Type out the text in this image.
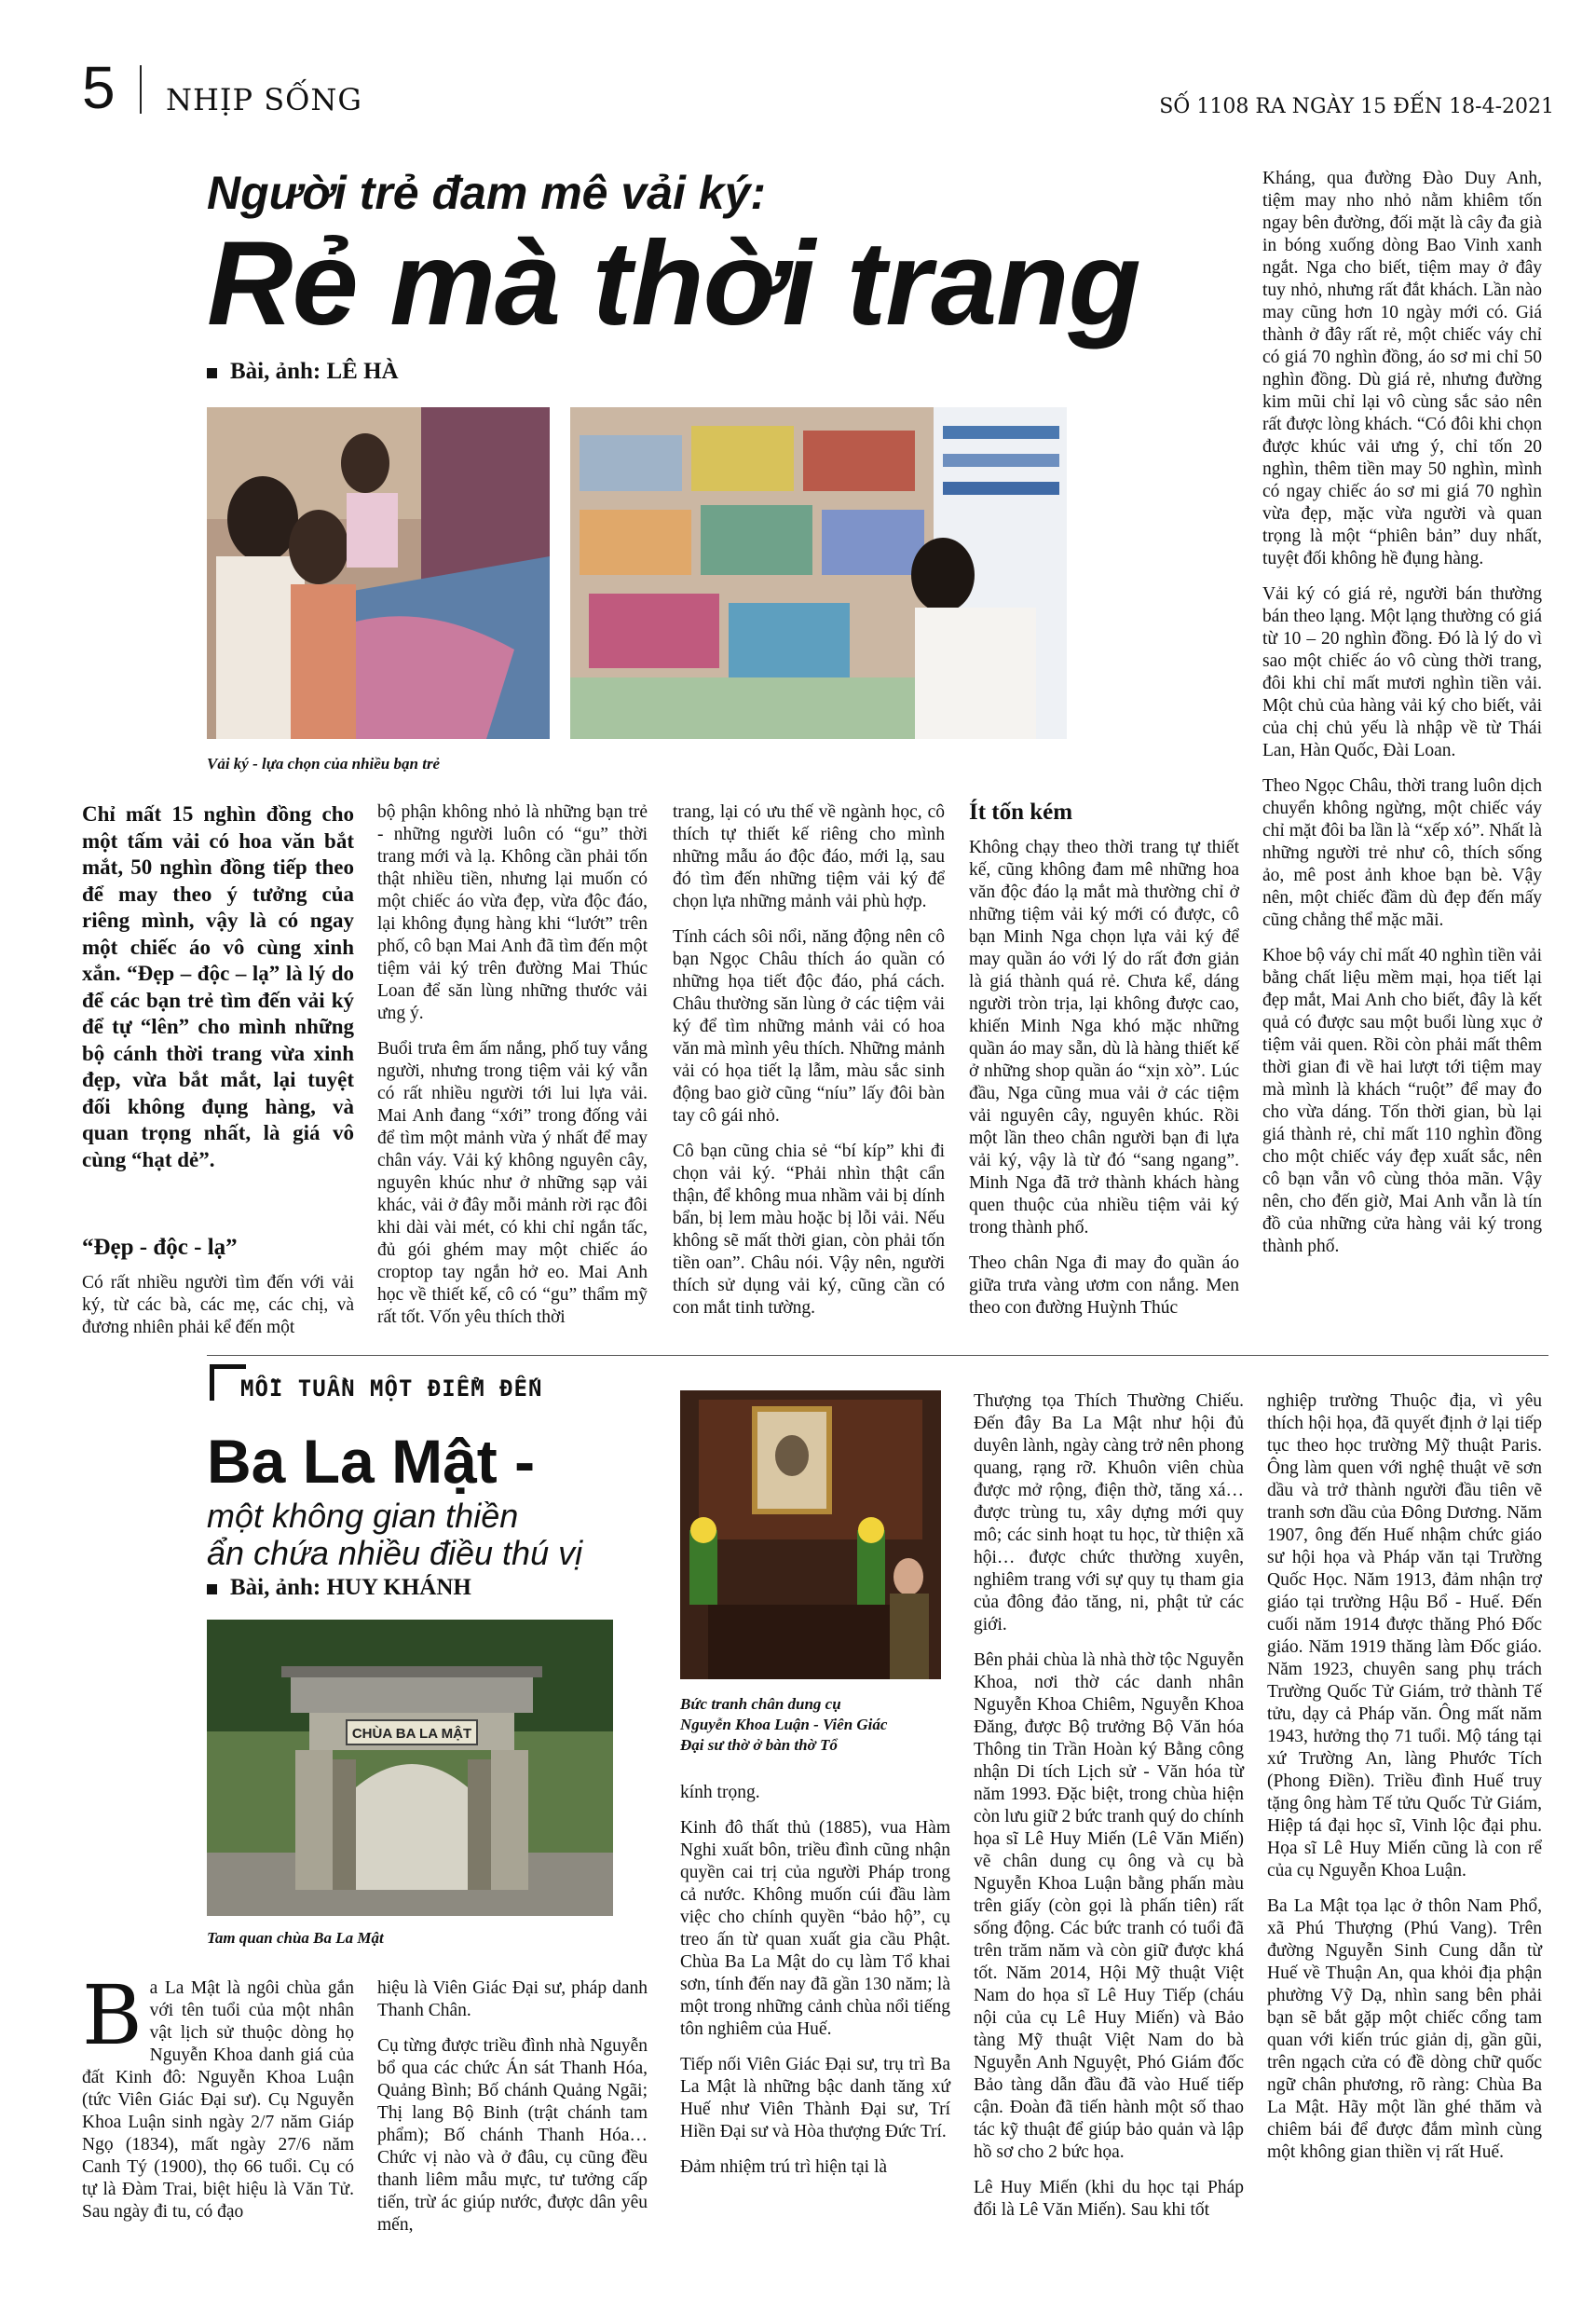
5 NHỊP SỐNG	SỐ 1108 RA NGÀY 15 ĐẾN 18-4-2021
Người trẻ đam mê vải ký:
Rẻ mà thời trang
Bài, ảnh: LÊ HÀ
Vải ký - lựa chọn của nhiều bạn trẻ
Chỉ mất 15 nghìn đồng cho một tấm vải có hoa văn bắt mắt, 50 nghìn đồng tiếp theo để may theo ý tưởng của riêng mình, vậy là có ngay một chiếc áo vô cùng xinh xắn. “Đẹp – độc – lạ” là lý do để các bạn trẻ tìm đến vải ký để tự “lên” cho mình những bộ cánh thời trang vừa xinh đẹp, vừa bắt mắt, lại tuyệt đối không đụng hàng, và quan trọng nhất, là giá vô cùng “hạt dẻ”.
“Đẹp - độc - lạ”
Có rất nhiều người tìm đến với vải ký, từ các bà, các mẹ, các chị, và đương nhiên phải kể đến một

bộ phận không nhỏ là những bạn trẻ - những người luôn có “gu” thời trang mới và lạ. Không cần phải tốn thật nhiều tiền, nhưng lại muốn có một chiếc áo vừa đẹp, vừa độc đáo, lại không đụng hàng khi “lướt” trên phố, cô bạn Mai Anh đã tìm đến một tiệm vải ký trên đường Mai Thúc Loan để săn lùng những thước vải ưng ý.

Buổi trưa êm ấm nắng, phố tuy vắng người, nhưng trong tiệm vải ký vẫn có rất nhiều người tới lui lựa vải. Mai Anh đang “xới” trong đống vải để tìm một mảnh vừa ý nhất để may chân váy. Vải ký không nguyên cây, nguyên khúc như ở những sạp vải khác, vải ở đây mỗi mảnh rời rạc đôi khi dài vài mét, có khi chỉ ngắn tấc, đủ gói ghém may một chiếc áo croptop tay ngắn hở eo. Mai Anh học về thiết kế, cô có “gu” thẩm mỹ rất tốt. Vốn yêu thích thời

trang, lại có ưu thế về ngành học, cô thích tự thiết kế riêng cho mình những mẫu áo độc đáo, mới lạ, sau đó tìm đến những tiệm vải ký để chọn lựa những mảnh vải phù hợp.

Tính cách sôi nổi, năng động nên cô bạn Ngọc Châu thích áo quần có những họa tiết độc đáo, phá cách. Châu thường săn lùng ở các tiệm vải ký để tìm những mảnh vải có hoa văn mà mình yêu thích. Những mảnh vải có họa tiết lạ lẫm, màu sắc sinh động bao giờ cũng “níu” lấy đôi bàn tay cô gái nhỏ.

Cô bạn cũng chia sẻ “bí kíp” khi đi chọn vải ký. “Phải nhìn thật cẩn thận, để không mua nhầm vải bị dính bẩn, bị lem màu hoặc bị lỗi vải. Nếu không sẽ mất thời gian, còn phải tốn tiền oan”. Châu nói. Vậy nên, người thích sử dụng vải ký, cũng cần có con mắt tinh tường.

Ít tốn kém

Không chạy theo thời trang tự thiết kế, cũng không đam mê những hoa văn độc đáo lạ mắt mà thường chỉ ở những tiệm vải ký mới có được, cô bạn Minh Nga chọn lựa vải ký để may quần áo với lý do rất đơn giản là giá thành quá rẻ. Chưa kể, dáng người tròn trịa, lại không được cao, khiến Minh Nga khó mặc những quần áo may sẵn, dù là hàng thiết kế ở những shop quần áo “xịn xò”. Lúc đầu, Nga cũng mua vải ở các tiệm vải nguyên cây, nguyên khúc. Rồi một lần theo chân người bạn đi lựa vải ký, vậy là từ đó “sang ngang”. Minh Nga đã trở thành khách hàng quen thuộc của nhiều tiệm vải ký trong thành phố.

Theo chân Nga đi may đo quần áo giữa trưa vàng ươm con nắng. Men theo con đường Huỳnh Thúc

Kháng, qua đường Đào Duy Anh, tiệm may nho nhỏ nằm khiêm tốn ngay bên đường, đối mặt là cây đa già in bóng xuống dòng Bao Vinh xanh ngắt. Nga cho biết, tiệm may ở đây tuy nhỏ, nhưng rất đắt khách. Lần nào may cũng hơn 10 ngày mới có. Giá thành ở đây rất rẻ, một chiếc váy chỉ có giá 70 nghìn đồng, áo sơ mi chỉ 50 nghìn đồng. Dù giá rẻ, nhưng đường kim mũi chỉ lại vô cùng sắc sảo nên rất được lòng khách. “Có đôi khi chọn được khúc vải ưng ý, chỉ tốn 20 nghìn, thêm tiền may 50 nghìn, mình có ngay chiếc áo sơ mi giá 70 nghìn vừa đẹp, mặc vừa người và quan trọng là một “phiên bản” duy nhất, tuyệt đối không hề đụng hàng.

Vải ký có giá rẻ, người bán thường bán theo lạng. Một lạng thường có giá từ 10 – 20 nghìn đồng. Đó là lý do vì sao một chiếc áo vô cùng thời trang, đôi khi chỉ mất mươi nghìn tiền vải. Một chủ của hàng vải ký cho biết, vải của chị chủ yếu là nhập về từ Thái Lan, Hàn Quốc, Đài Loan.

Theo Ngọc Châu, thời trang luôn dịch chuyển không ngừng, một chiếc váy chỉ mặt đôi ba lần là “xếp xó”. Nhất là những người trẻ như cô, thích sống ảo, mê post ảnh khoe bạn bè. Vậy nên, một chiếc đầm dù đẹp đến mấy cũng chẳng thể mặc mãi.

Khoe bộ váy chỉ mất 40 nghìn tiền vải bằng chất liệu mềm mại, họa tiết lại đẹp mắt, Mai Anh cho biết, đây là kết quả có được sau một buổi lùng xục ở tiệm vải quen. Rồi còn phải mất thêm thời gian đi về hai lượt tới tiệm may mà mình là khách “ruột” để may đo cho vừa dáng. Tốn thời gian, bù lại giá thành rẻ, chỉ mất 110 nghìn đồng cho một chiếc váy đẹp xuất sắc, nên cô bạn vẫn vô cùng thỏa mãn. Vậy nên, cho đến giờ, Mai Anh vẫn là tín đồ của những cửa hàng vải ký trong thành phố.

MỖI TUẦN MỘT ĐIỂM ĐẾN
Ba La Mật -
một không gian thiền
ẩn chứa nhiều điều thú vị
Bài, ảnh: HUY KHÁNH
CHÙA BA LA MẬT
Tam quan chùa Ba La Mật
Bức tranh chân dung cụ
Nguyễn Khoa Luận - Viên Giác
Đại sư thờ ở bàn thờ Tổ
Ba La Mật là ngôi chùa gắn với tên tuổi của một nhân vật lịch sử thuộc dòng họ Nguyễn Khoa danh giá của đất Kinh đô: Nguyễn Khoa Luận (tức Viên Giác Đại sư). Cụ Nguyễn Khoa Luận sinh ngày 2/7 năm Giáp Ngọ (1834), mất ngày 27/6 năm Canh Tý (1900), thọ 66 tuổi. Cụ có tự là Đàm Trai, biệt hiệu là Văn Tử. Sau ngày đi tu, có đạo

hiệu là Viên Giác Đại sư, pháp danh Thanh Chân.

Cụ từng được triều đình nhà Nguyễn bổ qua các chức Án sát Thanh Hóa, Quảng Bình; Bố chánh Quảng Ngãi; Thị lang Bộ Binh (trật chánh tam phẩm); Bố chánh Thanh Hóa… Chức vị nào và ở đâu, cụ cũng đều thanh liêm mẫu mực, tư tưởng cấp tiến, trừ ác giúp nước, được dân yêu mến,

kính trọng.

Kinh đô thất thủ (1885), vua Hàm Nghi xuất bôn, triều đình cũng nhận quyền cai trị của người Pháp trong cả nước. Không muốn cúi đầu làm việc cho chính quyền “bảo hộ”, cụ treo ấn từ quan xuất gia cầu Phật. Chùa Ba La Mật do cụ làm Tổ khai sơn, tính đến nay đã gần 130 năm; là một trong những cảnh chùa nổi tiếng tôn nghiêm của Huế.

Tiếp nối Viên Giác Đại sư, trụ trì Ba La Mật là những bậc danh tăng xứ Huế như Viên Thành Đại sư, Trí Hiền Đại sư và Hòa thượng Đức Trí.

Đảm nhiệm trú trì hiện tại là

Thượng tọa Thích Thường Chiếu. Đến đây Ba La Mật như hội đủ duyên lành, ngày càng trở nên phong quang, rạng rỡ. Khuôn viên chùa được mở rộng, điện thờ, tăng xá… được trùng tu, xây dựng mới quy mô; các sinh hoạt tu học, từ thiện xã hội… được chức thường xuyên, nghiêm trang với sự quy tụ tham gia của đông đảo tăng, ni, phật tử các giới.

Bên phải chùa là nhà thờ tộc Nguyễn Khoa, nơi thờ các danh nhân Nguyễn Khoa Chiêm, Nguyễn Khoa Đăng, được Bộ trưởng Bộ Văn hóa Thông tin Trần Hoàn ký Bằng công nhận Di tích Lịch sử - Văn hóa từ năm 1993. Đặc biệt, trong chùa hiện còn lưu giữ 2 bức tranh quý do chính họa sĩ Lê Huy Miến (Lê Văn Miến) vẽ chân dung cụ ông và cụ bà Nguyễn Khoa Luận bằng phấn màu trên giấy (còn gọi là phấn tiên) rất sống động. Các bức tranh có tuổi đã trên trăm năm và còn giữ được khá tốt. Năm 2014, Hội Mỹ thuật Việt Nam do họa sĩ Lê Huy Tiếp (cháu nội của cụ Lê Huy Miến) và Bảo tàng Mỹ thuật Việt Nam do bà Nguyễn Anh Nguyệt, Phó Giám đốc Bảo tàng dẫn đầu đã vào Huế tiếp cận. Đoàn đã tiến hành một số thao tác kỹ thuật để giúp bảo quản và lập hồ sơ cho 2 bức họa.

Lê Huy Miến (khi du học tại Pháp đổi là Lê Văn Miến). Sau khi tốt

nghiệp trường Thuộc địa, vì yêu thích hội họa, đã quyết định ở lại tiếp tục theo học trường Mỹ thuật Paris. Ông làm quen với nghệ thuật vẽ sơn dầu và trở thành người đầu tiên vẽ tranh sơn dầu của Đông Dương. Năm 1907, ông đến Huế nhậm chức giáo sư hội họa và Pháp văn tại Trường Quốc Học. Năm 1913, đảm nhận trợ giáo tại trường Hậu Bổ - Huế. Đến cuối năm 1914 được thăng Phó Đốc giáo. Năm 1919 thăng làm Đốc giáo. Năm 1923, chuyên sang phụ trách Trường Quốc Tử Giám, trở thành Tế tửu, dạy cả Pháp văn. Ông mất năm 1943, hưởng thọ 71 tuổi. Mộ táng tại xứ Trường An, làng Phước Tích (Phong Điền). Triều đình Huế truy tặng ông hàm Tế tửu Quốc Tử Giám, Hiệp tá đại học sĩ, Vinh lộc đại phu. Họa sĩ Lê Huy Miến cũng là con rể của cụ Nguyễn Khoa Luận.

Ba La Mật tọa lạc ở thôn Nam Phổ, xã Phú Thượng (Phú Vang). Trên đường Nguyễn Sinh Cung dẫn từ Huế về Thuận An, qua khỏi địa phận phường Vỹ Dạ, nhìn sang bên phải bạn sẽ bắt gặp một chiếc cổng tam quan với kiến trúc giản dị, gần gũi, trên ngạch cửa có đề dòng chữ quốc ngữ chân phương, rõ ràng: Chùa Ba La Mật. Hãy một lần ghé thăm và chiêm bái để được đắm mình cùng một không gian thiền vị rất Huế.
